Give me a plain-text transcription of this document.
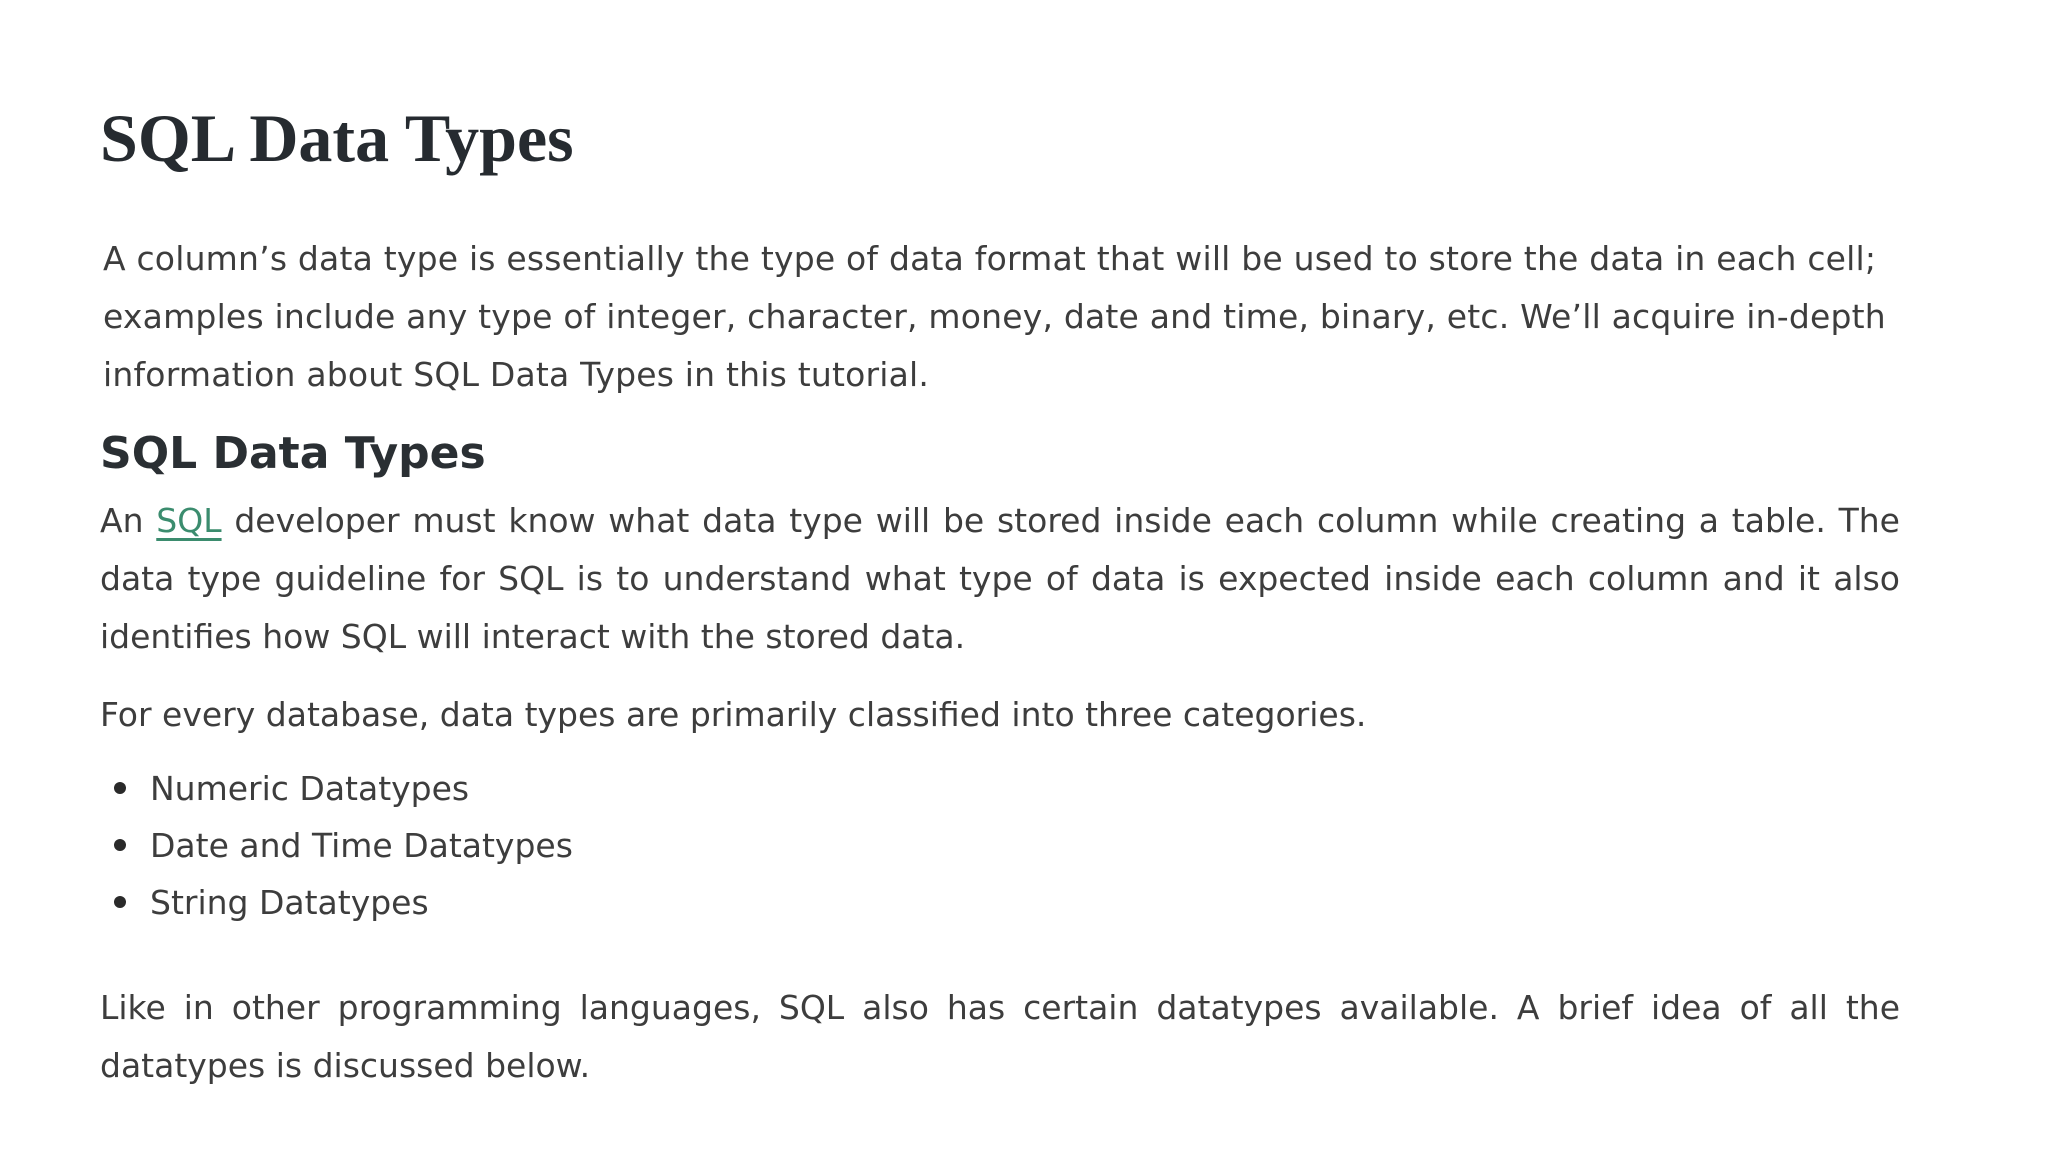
SQL Data Types

A column’s data type is essentially the type of data format that will be used to store the data in each cell; examples include any type of integer, character, money, date and time, binary, etc. We’ll acquire in-depth information about SQL Data Types in this tutorial.

SQL Data Types

An SQL developer must know what data type will be stored inside each column while creating a table. The data type guideline for SQL is to understand what type of data is expected inside each column and it also identifies how SQL will interact with the stored data.

For every database, data types are primarily classified into three categories.

Numeric Datatypes
Date and Time Datatypes
String Datatypes

Like in other programming languages, SQL also has certain datatypes available. A brief idea of all the datatypes is discussed below.
